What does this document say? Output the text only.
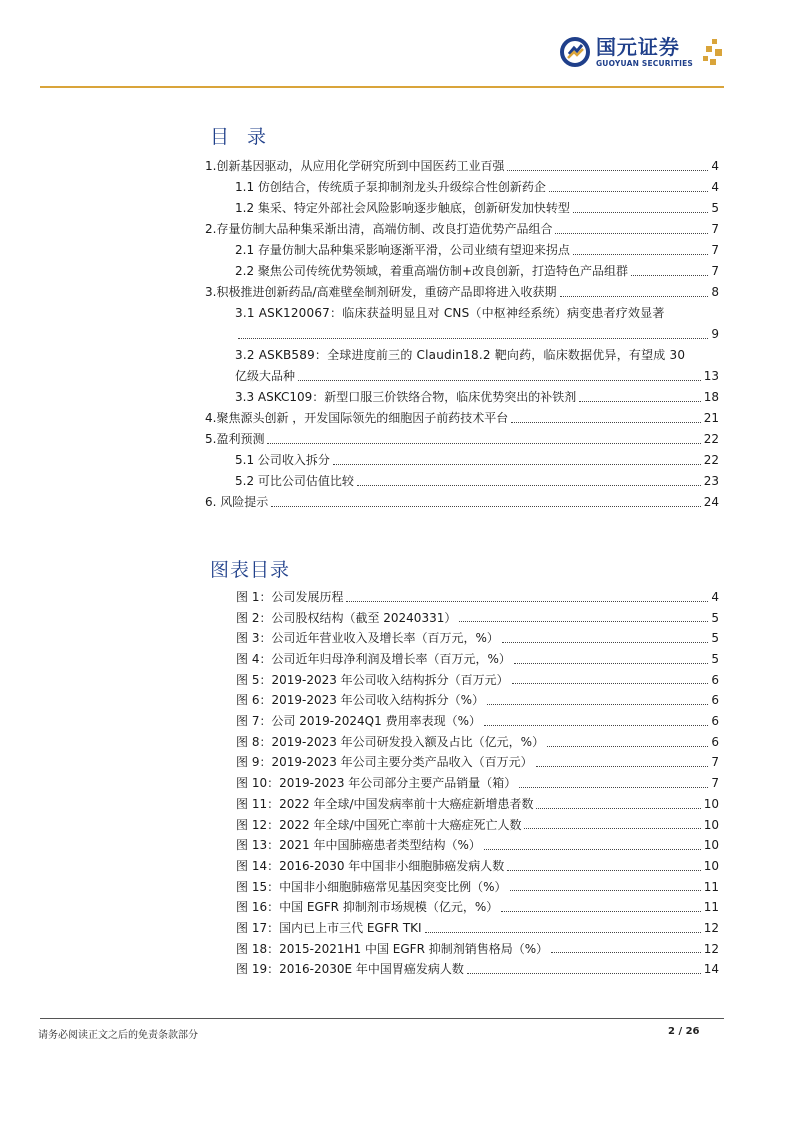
国元证券
GUOYUAN SECURITIES
目 录
1.创新基因驱动，从应用化学研究所到中国医药工业百强	4
1.1 仿创结合，传统质子泵抑制剂龙头升级综合性创新药企	4
1.2 集采、特定外部社会风险影响逐步触底，创新研发加快转型	5
2.存量仿制大品种集采渐出清，高端仿制、改良打造优势产品组合	7
2.1 存量仿制大品种集采影响逐渐平滑，公司业绩有望迎来拐点	7
2.2 聚焦公司传统优势领域，着重高端仿制+改良创新，打造特色产品组群	7
3.积极推进创新药品/高难壁垒制剂研发，重磅产品即将进入收获期	8
3.1 ASK120067：临床获益明显且对 CNS（中枢神经系统）病变患者疗效显著
9
3.2 ASKB589：全球进度前三的 Claudin18.2 靶向药，临床数据优异，有望成 30
亿级大品种	13
3.3 ASKC109：新型口服三价铁络合物，临床优势突出的补铁剂	18
4.聚焦源头创新 ，开发国际领先的细胞因子前药技术平台	21
5.盈利预测	22
5.1 公司收入拆分	22
5.2 可比公司估值比较	23
6. 风险提示	24
图表目录
图 1：公司发展历程	4
图 2：公司股权结构（截至 20240331）	5
图 3：公司近年营业收入及增长率（百万元，%）	5
图 4：公司近年归母净利润及增长率（百万元，%）	5
图 5：2019-2023 年公司收入结构拆分（百万元）	6
图 6：2019-2023 年公司收入结构拆分（%）	6
图 7：公司 2019-2024Q1 费用率表现（%）	6
图 8：2019-2023 年公司研发投入额及占比（亿元，%）	6
图 9：2019-2023 年公司主要分类产品收入（百万元）	7
图 10：2019-2023 年公司部分主要产品销量（箱）	7
图 11：2022 年全球/中国发病率前十大癌症新增患者数	10
图 12：2022 年全球/中国死亡率前十大癌症死亡人数	10
图 13：2021 年中国肺癌患者类型结构（%）	10
图 14：2016-2030 年中国非小细胞肺癌发病人数	10
图 15：中国非小细胞肺癌常见基因突变比例（%）	11
图 16：中国 EGFR 抑制剂市场规模（亿元，%）	11
图 17：国内已上市三代 EGFR TKI	12
图 18：2015-2021H1 中国 EGFR 抑制剂销售格局（%）	12
图 19：2016-2030E 年中国胃癌发病人数	14
请务必阅读正文之后的免责条款部分	2 / 26
